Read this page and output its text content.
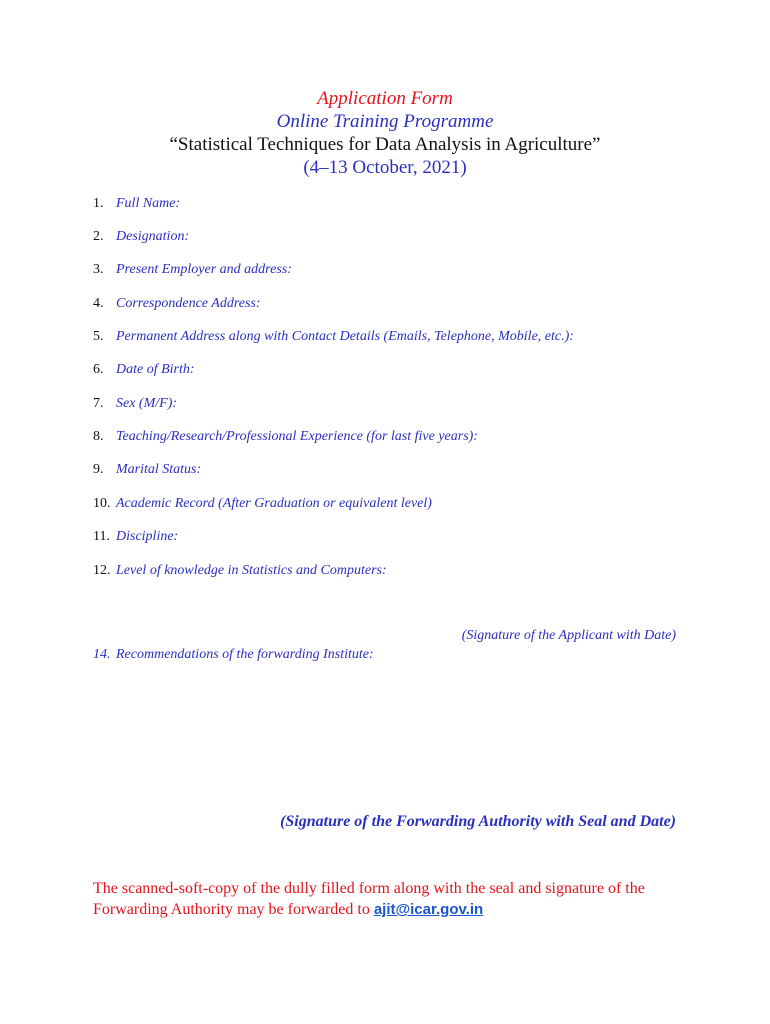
Application Form
Online Training Programme
“Statistical Techniques for Data Analysis in Agriculture”
(4–13 October, 2021)
1. Full Name:
2. Designation:
3. Present Employer and address:
4. Correspondence Address:
5. Permanent Address along with Contact Details (Emails, Telephone, Mobile, etc.):
6. Date of Birth:
7. Sex (M/F):
8. Teaching/Research/Professional Experience (for last five years):
9. Marital Status:
10. Academic Record (After Graduation or equivalent level)
11. Discipline:
12. Level of knowledge in Statistics and Computers:
(Signature of the Applicant with Date)
14. Recommendations of the forwarding Institute:
(Signature of the Forwarding Authority with Seal and Date)
The scanned-soft-copy of the dully filled form along with the seal and signature of the Forwarding Authority may be forwarded to ajit@icar.gov.in
